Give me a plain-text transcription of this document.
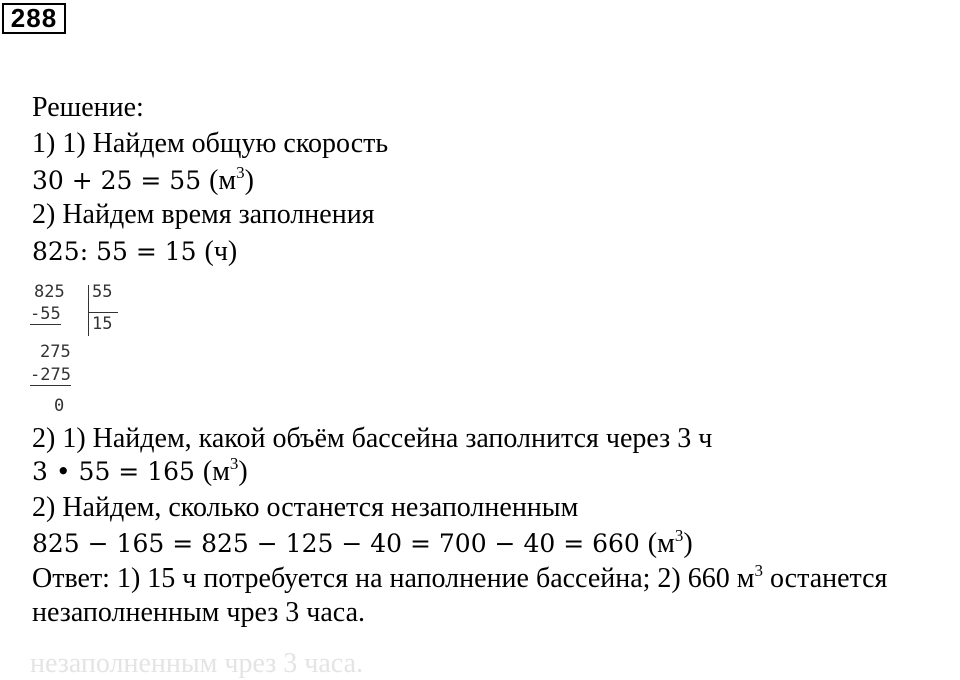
288
Решение:
1) 1) Найдем общую скорость
30 + 25 = 55 $(м^3)$
2) Найдем время заполнения
825: 55 = 15 (ч)
825 55
-55 15
275
-275
0
2) 1) Найдем, какой объём бассейна заполнится через 3 ч
3 • 55 = 165 $(м^3)$
2) Найдем, сколько останется незаполненным
825 − 165 = 825 − 125 − 40 = 700 − 40 = 660 $(м^3)$
Ответ: 1) 15 ч потребуется на наполнение бассейна; 2) 660 $м^3$ останется
незаполненным чрез 3 часа.
незаполненным чрез 3 часа.
